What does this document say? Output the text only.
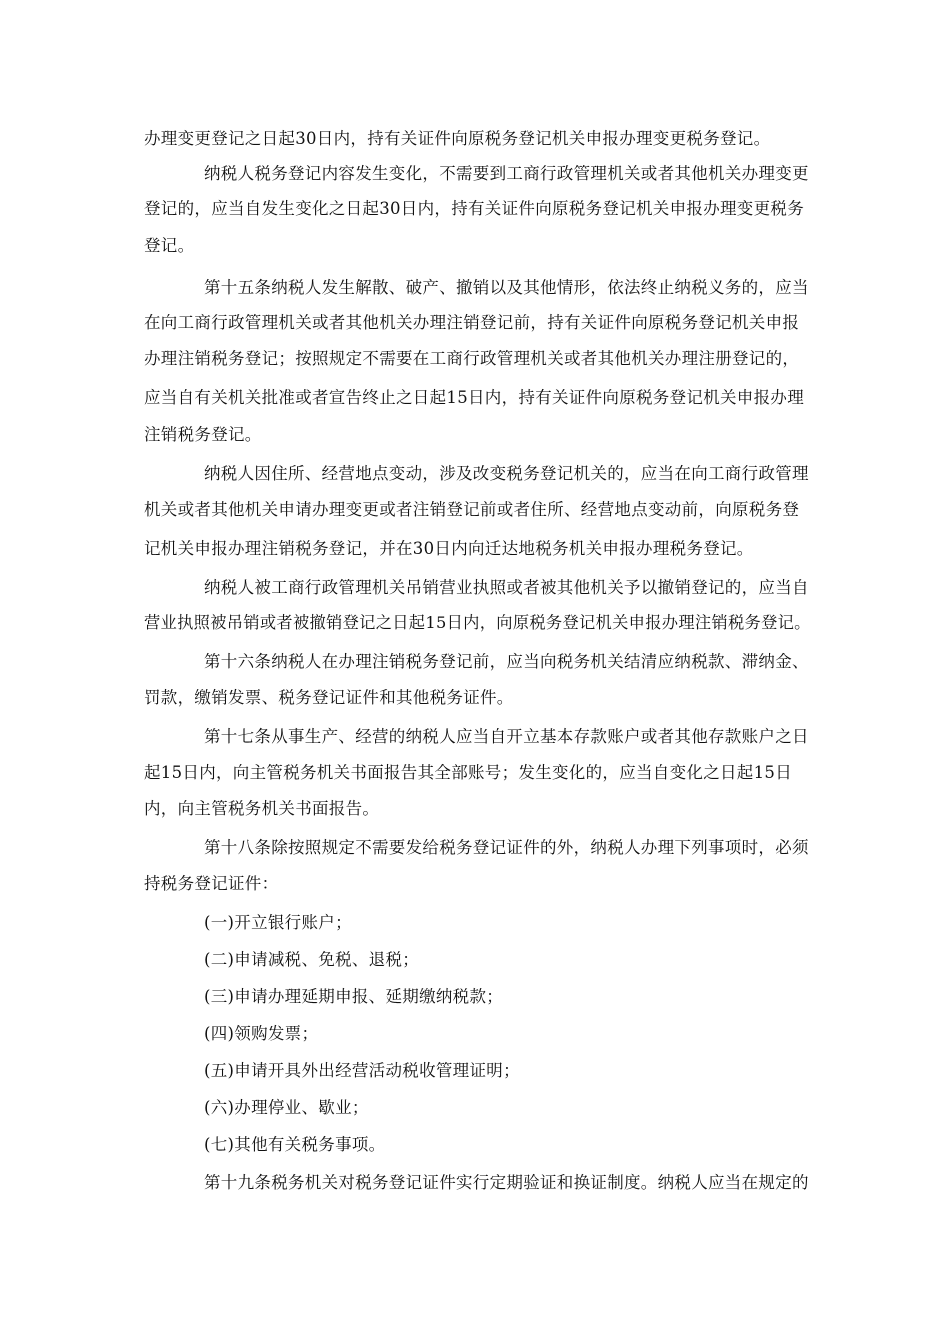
办理变更登记之日起30日内，持有关证件向原税务登记机关申报办理变更税务登记。
纳税人税务登记内容发生变化，不需要到工商行政管理机关或者其他机关办理变更
登记的，应当自发生变化之日起30日内，持有关证件向原税务登记机关申报办理变更税务
登记。
第十五条纳税人发生解散、破产、撤销以及其他情形，依法终止纳税义务的，应当
在向工商行政管理机关或者其他机关办理注销登记前，持有关证件向原税务登记机关申报
办理注销税务登记；按照规定不需要在工商行政管理机关或者其他机关办理注册登记的，
应当自有关机关批准或者宣告终止之日起15日内，持有关证件向原税务登记机关申报办理
注销税务登记。
纳税人因住所、经营地点变动，涉及改变税务登记机关的，应当在向工商行政管理
机关或者其他机关申请办理变更或者注销登记前或者住所、经营地点变动前，向原税务登
记机关申报办理注销税务登记，并在30日内向迁达地税务机关申报办理税务登记。
纳税人被工商行政管理机关吊销营业执照或者被其他机关予以撤销登记的，应当自
营业执照被吊销或者被撤销登记之日起15日内，向原税务登记机关申报办理注销税务登记。
第十六条纳税人在办理注销税务登记前，应当向税务机关结清应纳税款、滞纳金、
罚款，缴销发票、税务登记证件和其他税务证件。
第十七条从事生产、经营的纳税人应当自开立基本存款账户或者其他存款账户之日
起15日内，向主管税务机关书面报告其全部账号；发生变化的，应当自变化之日起15日
内，向主管税务机关书面报告。
第十八条除按照规定不需要发给税务登记证件的外，纳税人办理下列事项时，必须
持税务登记证件：
(一)开立银行账户；
(二)申请减税、免税、退税；
(三)申请办理延期申报、延期缴纳税款；
(四)领购发票；
(五)申请开具外出经营活动税收管理证明；
(六)办理停业、歇业；
(七)其他有关税务事项。
第十九条税务机关对税务登记证件实行定期验证和换证制度。纳税人应当在规定的
